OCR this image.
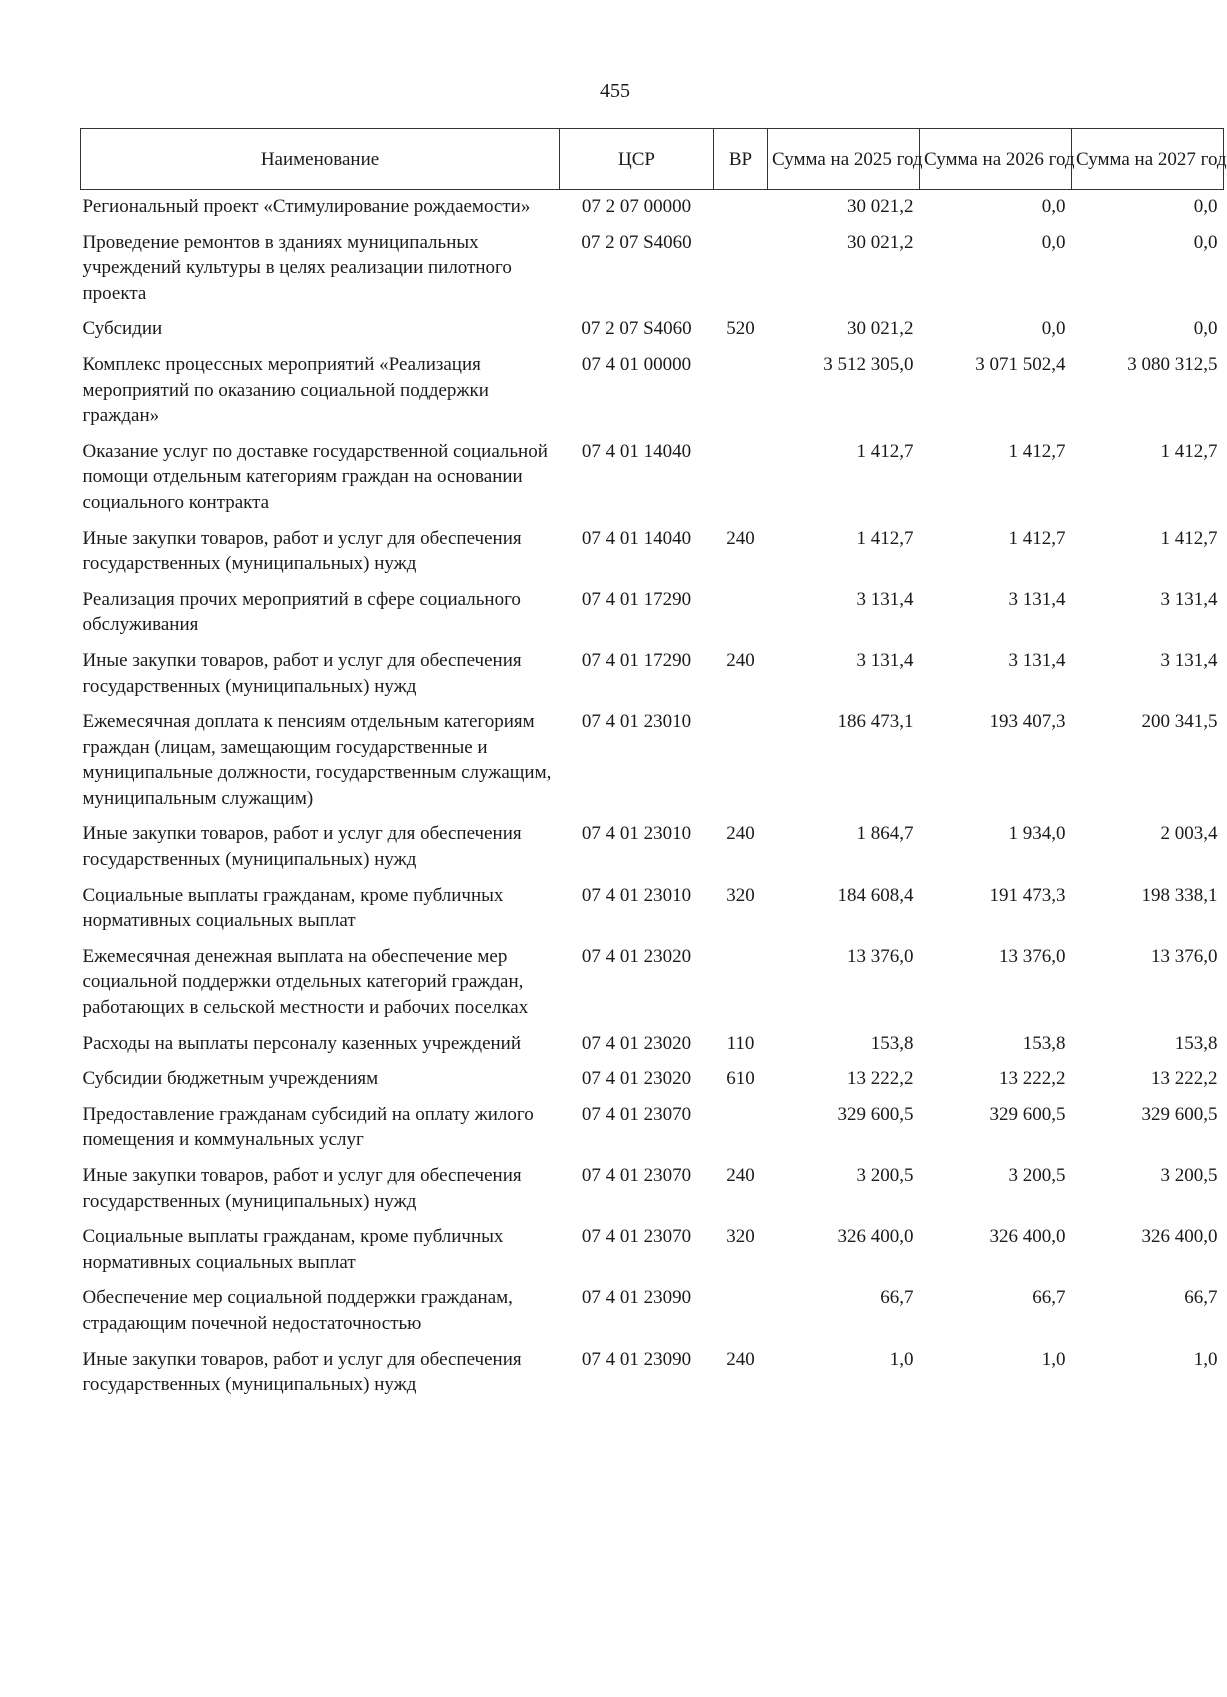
455
Наименование	ЦСР	ВР	Сумма на 2025 год	Сумма на 2026 год	Сумма на 2027 год
Региональный проект «Стимулирование рождаемости»	07 2 07 00000		30 021,2	0,0	0,0
Проведение ремонтов в зданиях муниципальных учреждений культуры в целях реализации пилотного проекта	07 2 07 S4060		30 021,2	0,0	0,0
Субсидии	07 2 07 S4060	520	30 021,2	0,0	0,0
Комплекс процессных мероприятий «Реализация мероприятий по оказанию социальной поддержки граждан»	07 4 01 00000		3 512 305,0	3 071 502,4	3 080 312,5
Оказание услуг по доставке государственной социальной помощи отдельным категориям граждан на основании социального контракта	07 4 01 14040		1 412,7	1 412,7	1 412,7
Иные закупки товаров, работ и услуг для обеспечения государственных (муниципальных) нужд	07 4 01 14040	240	1 412,7	1 412,7	1 412,7
Реализация прочих мероприятий в сфере социального обслуживания	07 4 01 17290		3 131,4	3 131,4	3 131,4
Иные закупки товаров, работ и услуг для обеспечения государственных (муниципальных) нужд	07 4 01 17290	240	3 131,4	3 131,4	3 131,4
Ежемесячная доплата к пенсиям отдельным категориям граждан (лицам, замещающим государственные и муниципальные должности, государственным служащим, муниципальным служащим)	07 4 01 23010		186 473,1	193 407,3	200 341,5
Иные закупки товаров, работ и услуг для обеспечения государственных (муниципальных) нужд	07 4 01 23010	240	1 864,7	1 934,0	2 003,4
Социальные выплаты гражданам, кроме публичных нормативных социальных выплат	07 4 01 23010	320	184 608,4	191 473,3	198 338,1
Ежемесячная денежная выплата на обеспечение мер социальной поддержки отдельных категорий граждан, работающих в сельской местности и рабочих поселках	07 4 01 23020		13 376,0	13 376,0	13 376,0
Расходы на выплаты персоналу казенных учреждений	07 4 01 23020	110	153,8	153,8	153,8
Субсидии бюджетным учреждениям	07 4 01 23020	610	13 222,2	13 222,2	13 222,2
Предоставление гражданам субсидий на оплату жилого помещения и коммунальных услуг	07 4 01 23070		329 600,5	329 600,5	329 600,5
Иные закупки товаров, работ и услуг для обеспечения государственных (муниципальных) нужд	07 4 01 23070	240	3 200,5	3 200,5	3 200,5
Социальные выплаты гражданам, кроме публичных нормативных социальных выплат	07 4 01 23070	320	326 400,0	326 400,0	326 400,0
Обеспечение мер социальной поддержки гражданам, страдающим почечной недостаточностью	07 4 01 23090		66,7	66,7	66,7
Иные закупки товаров, работ и услуг для обеспечения государственных (муниципальных) нужд	07 4 01 23090	240	1,0	1,0	1,0
